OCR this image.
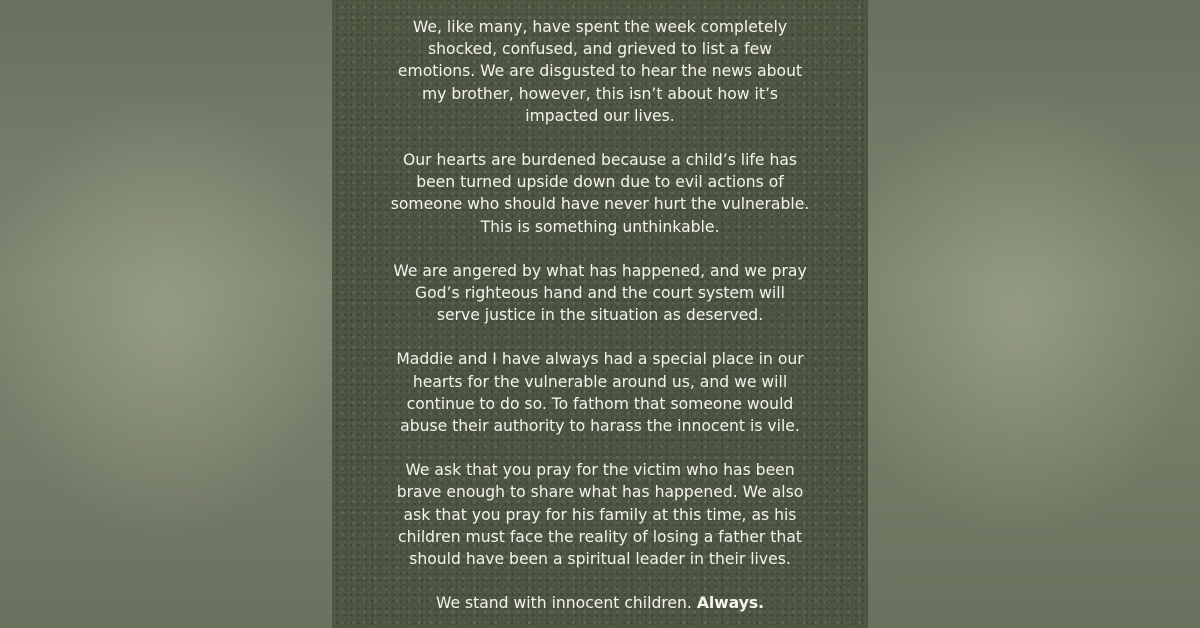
We, like many, have spent the week completely
shocked, confused, and grieved to list a few
emotions. We are disgusted to hear the news about
my brother, however, this isn’t about how it’s
impacted our lives.

Our hearts are burdened because a child’s life has
been turned upside down due to evil actions of
someone who should have never hurt the vulnerable.
This is something unthinkable.

We are angered by what has happened, and we pray
God’s righteous hand and the court system will
serve justice in the situation as deserved.

Maddie and I have always had a special place in our
hearts for the vulnerable around us, and we will
continue to do so. To fathom that someone would
abuse their authority to harass the innocent is vile.

We ask that you pray for the victim who has been
brave enough to share what has happened. We also
ask that you pray for his family at this time, as his
children must face the reality of losing a father that
should have been a spiritual leader in their lives.

We stand with innocent children. Always.
